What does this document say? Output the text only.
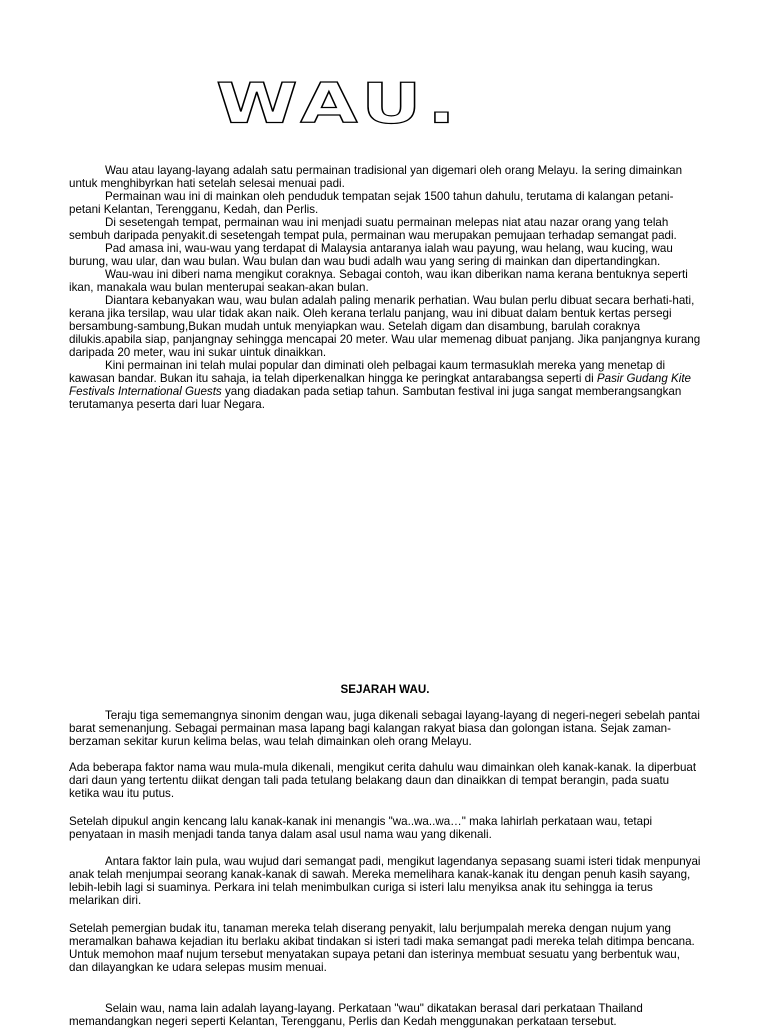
WAU.

Wau atau layang-layang adalah satu permainan tradisional yan digemari oleh orang Melayu. Ia sering dimainkan untuk menghibyrkan hati setelah selesai menuai padi.

Permainan wau ini di mainkan oleh penduduk tempatan sejak 1500 tahun dahulu, terutama di kalangan petani-petani Kelantan, Terengganu, Kedah, dan Perlis.

Di sesetengah tempat, permainan wau ini menjadi suatu permainan melepas niat atau nazar orang yang telah sembuh daripada penyakit.di sesetengah tempat pula, permainan wau merupakan pemujaan terhadap semangat padi.

Pad amasa ini, wau-wau yang terdapat di Malaysia antaranya ialah wau payung, wau helang, wau kucing, wau burung, wau ular, dan wau bulan. Wau bulan dan wau budi adalh wau yang sering di mainkan dan dipertandingkan.

Wau-wau ini diberi nama mengikut coraknya. Sebagai contoh, wau ikan diberikan nama kerana bentuknya seperti ikan, manakala wau bulan menterupai seakan-akan bulan.

Diantara kebanyakan wau, wau bulan adalah paling menarik perhatian. Wau bulan perlu dibuat secara berhati-hati, kerana jika tersilap, wau ular tidak akan naik. Oleh kerana terlalu panjang, wau ini dibuat dalam bentuk kertas persegi bersambung-sambung,Bukan mudah untuk menyiapkan wau. Setelah digam dan disambung, barulah coraknya dilukis.apabila siap, panjangnay sehingga mencapai 20 meter. Wau ular memenag dibuat panjang. Jika panjangnya kurang daripada 20 meter, wau ini sukar uintuk dinaikkan.

Kini permainan ini telah mulai popular dan diminati oleh pelbagai kaum termasuklah mereka yang menetap di kawasan bandar. Bukan itu sahaja, ia telah diperkenalkan hingga ke peringkat antarabangsa seperti di Pasir Gudang Kite Festivals International Guests yang diadakan pada setiap tahun. Sambutan festival ini juga sangat memberangsangkan terutamanya peserta dari luar Negara.

SEJARAH WAU.

Teraju tiga sememangnya sinonim dengan wau, juga dikenali sebagai layang-layang di negeri-negeri sebelah pantai barat semenanjung. Sebagai permainan masa lapang bagi kalangan rakyat biasa dan golongan istana. Sejak zaman-berzaman sekitar kurun kelima belas, wau telah dimainkan oleh orang Melayu.

Ada beberapa faktor nama wau mula-mula dikenali, mengikut cerita dahulu wau dimainkan oleh kanak-kanak. Ia diperbuat dari daun yang tertentu diikat dengan tali pada tetulang belakang daun dan dinaikkan di tempat berangin, pada suatu ketika wau itu putus.

Setelah dipukul angin kencang lalu kanak-kanak ini menangis "wa..wa..wa…" maka lahirlah perkataan wau, tetapi penyataan in masih menjadi tanda tanya dalam asal usul nama wau yang dikenali.

Antara faktor lain pula, wau wujud dari semangat padi, mengikut lagendanya sepasang suami isteri tidak menpunyai anak telah menjumpai seorang kanak-kanak di sawah. Mereka memelihara kanak-kanak itu dengan penuh kasih sayang, lebih-lebih lagi si suaminya. Perkara ini telah menimbulkan curiga si isteri lalu menyiksa anak itu sehingga ia terus melarikan diri.

Setelah pemergian budak itu, tanaman mereka telah diserang penyakit, lalu berjumpalah mereka dengan nujum yang meramalkan bahawa kejadian itu berlaku akibat tindakan si isteri tadi maka semangat padi mereka telah ditimpa bencana. Untuk memohon maaf nujum tersebut menyatakan supaya petani dan isterinya membuat sesuatu yang berbentuk wau, dan dilayangkan ke udara selepas musim menuai.

Selain wau, nama lain adalah layang-layang. Perkataan "wau" dikatakan berasal dari perkataan Thailand memandangkan negeri seperti Kelantan, Terengganu, Perlis dan Kedah menggunakan perkataan tersebut.
